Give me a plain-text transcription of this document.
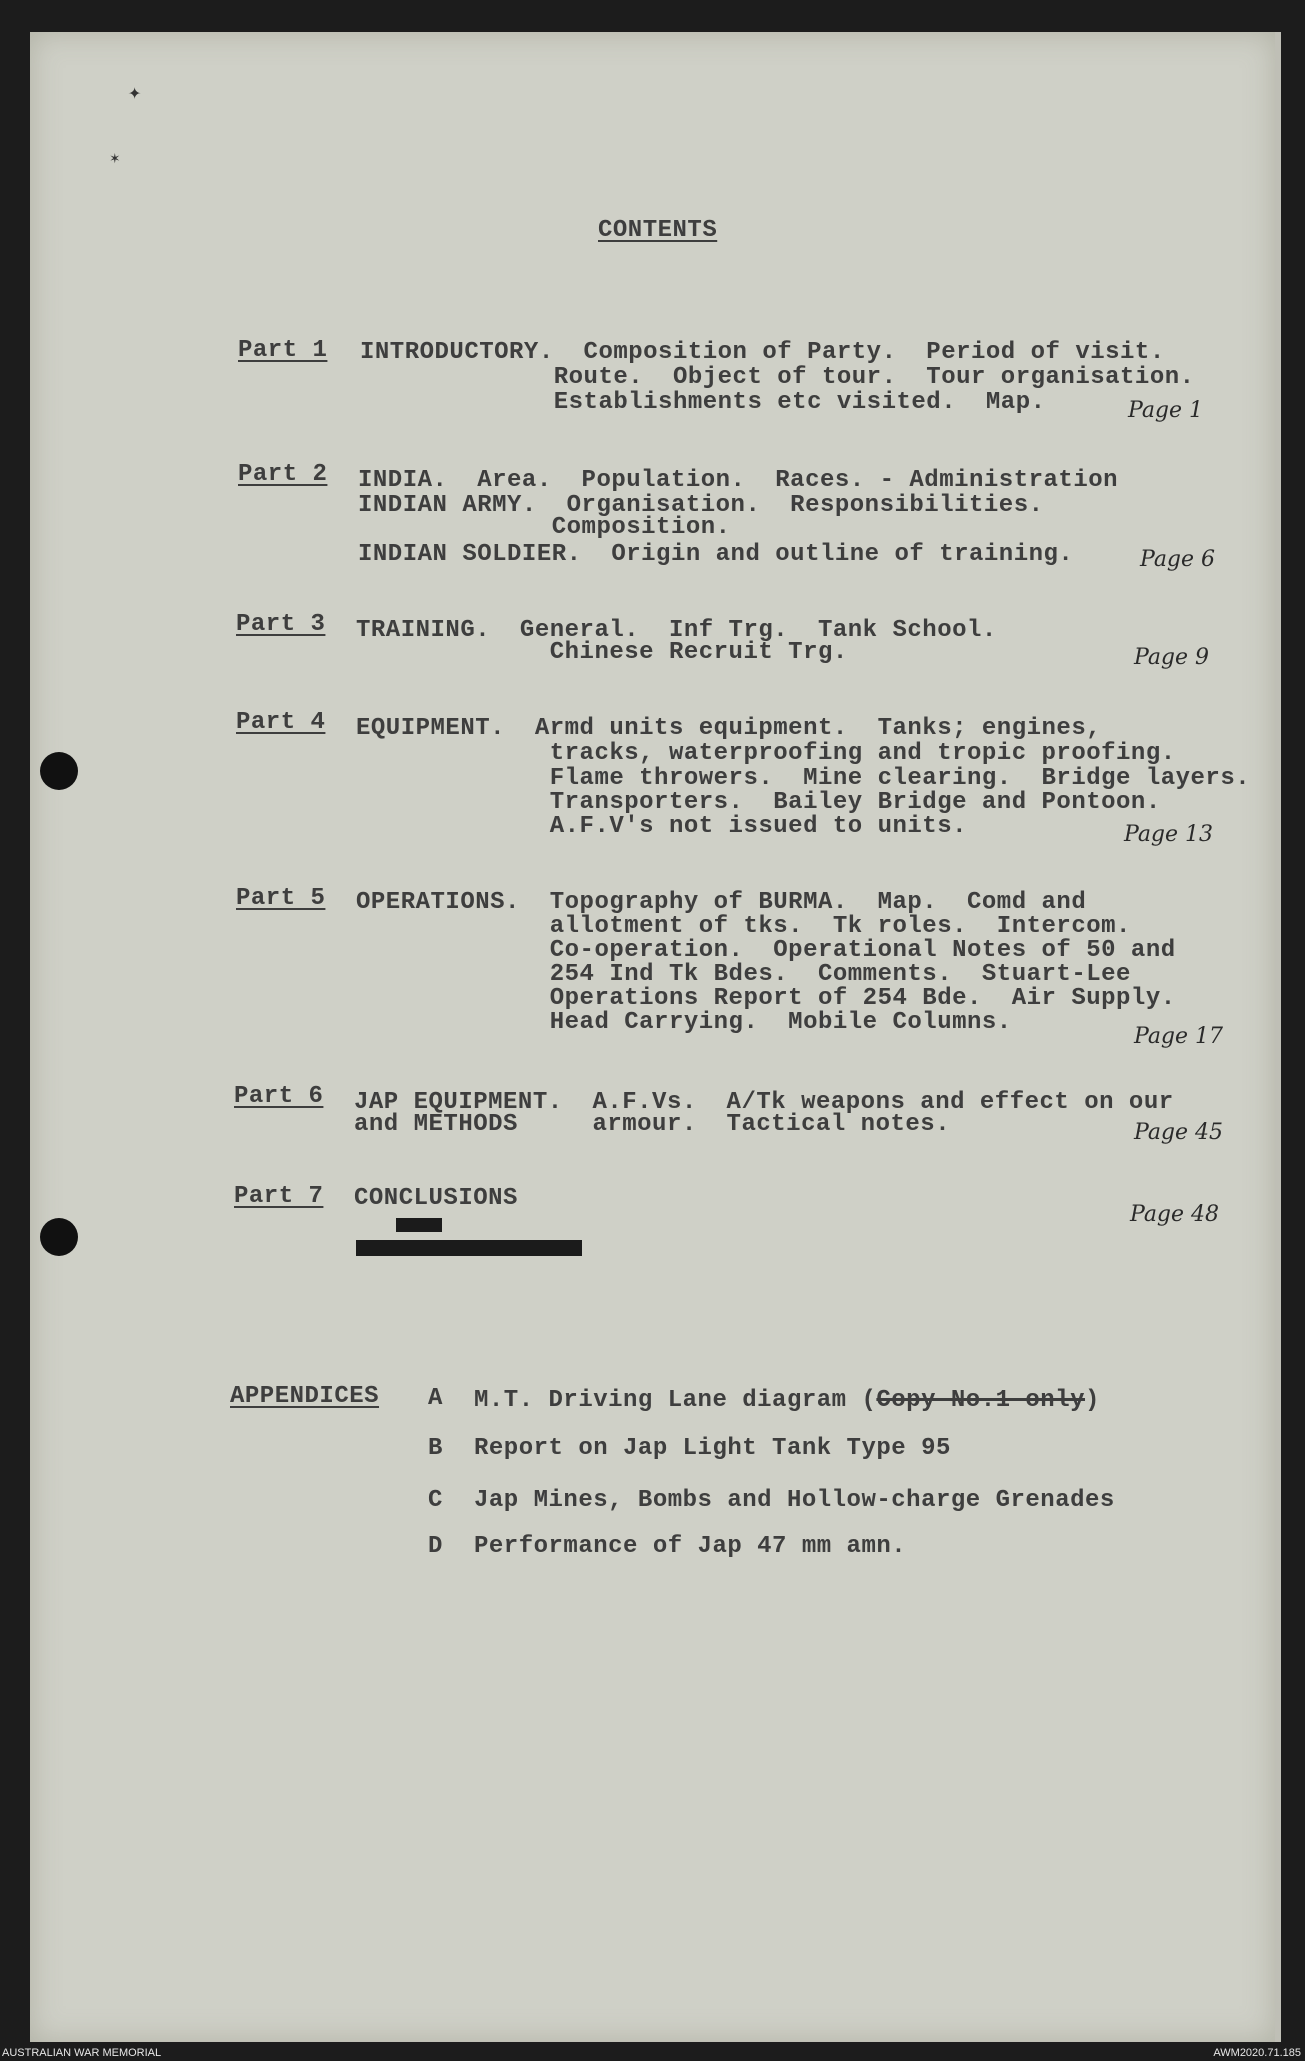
✦
✶
CONTENTS
Part 1 INTRODUCTORY.  Composition of Party.  Period of visit.
Route.  Object of tour.  Tour organisation.
Establishments etc visited.  Map.	Page 1
Part 2 INDIA.  Area.  Population.  Races. - Administration
INDIAN ARMY.  Organisation.  Responsibilities.
Composition.
INDIAN SOLDIER.  Origin and outline of training.	Page 6
Part 3 TRAINING.  General.  Inf Trg.  Tank School.
Chinese Recruit Trg.	Page 9
Part 4 EQUIPMENT.  Armd units equipment.  Tanks; engines,
tracks, waterproofing and tropic proofing.
Flame throwers.  Mine clearing.  Bridge layers.
Transporters.  Bailey Bridge and Pontoon.
A.F.V's not issued to units.	Page 13
Part 5 OPERATIONS.  Topography of BURMA.  Map.  Comd and
allotment of tks.  Tk roles.  Intercom.
Co-operation.  Operational Notes of 50 and
254 Ind Tk Bdes.  Comments.  Stuart-Lee
Operations Report of 254 Bde.  Air Supply.
Head Carrying.  Mobile Columns.
Page 17
Part 6 JAP EQUIPMENT.  A.F.Vs.  A/Tk weapons and effect on our
and METHODS     armour.  Tactical notes.	Page 45
Part 7 CONCLUSIONS
Page 48
APPENDICES A M.T. Driving Lane diagram (Copy No.1 only)
B Report on Jap Light Tank Type 95
C Jap Mines, Bombs and Hollow-charge Grenades
D Performance of Jap 47 mm amn.
AUSTRALIAN WAR MEMORIAL	AWM2020.71.185
